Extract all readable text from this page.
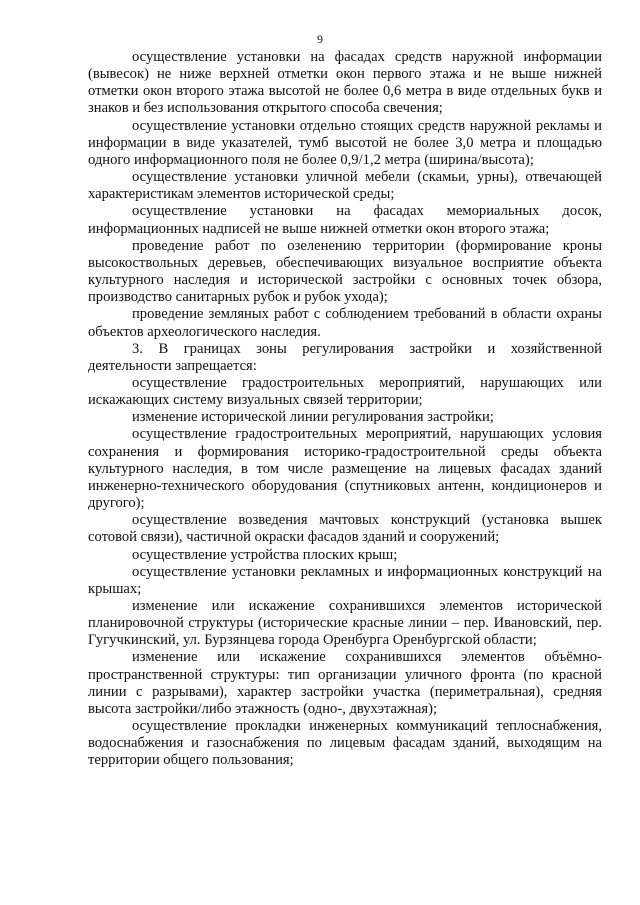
9

осуществление установки на фасадах средств наружной информации (вывесок) не ниже верхней отметки окон первого этажа и не выше нижней отметки окон второго этажа высотой не более 0,6 метра в виде отдельных букв и знаков и без использования открытого способа свечения;

осуществление установки отдельно стоящих средств наружной рекламы и информации в виде указателей, тумб высотой не более 3,0 метра и площадью одного информационного поля не более 0,9/1,2 метра (ширина/высота);

осуществление установки уличной мебели (скамьи, урны), отвечающей характеристикам элементов исторической среды;

осуществление установки на фасадах мемориальных досок, информационных надписей не выше нижней отметки окон второго этажа;

проведение работ по озеленению территории (формирование кроны высокоствольных деревьев, обеспечивающих визуальное восприятие объекта культурного наследия и исторической застройки с основных точек обзора, производство санитарных рубок и рубок ухода);

проведение земляных работ с соблюдением требований в области охраны объектов археологического наследия.

3. В границах зоны регулирования застройки и хозяйственной деятельности запрещается:

осуществление градостроительных мероприятий, нарушающих или искажающих систему визуальных связей территории;

изменение исторической линии регулирования застройки;

осуществление градостроительных мероприятий, нарушающих условия сохранения и формирования историко-градостроительной среды объекта культурного наследия, в том числе размещение на лицевых фасадах зданий инженерно-технического оборудования (спутниковых антенн, кондиционеров и другого);

осуществление возведения мачтовых конструкций (установка вышек сотовой связи), частичной окраски фасадов зданий и сооружений;

осуществление устройства плоских крыш;

осуществление установки рекламных и информационных конструкций на крышах;

изменение или искажение сохранившихся элементов исторической планировочной структуры (исторические красные линии – пер. Ивановский, пер. Гугучкинский, ул. Бурзянцева города Оренбурга Оренбургской области;

изменение или искажение сохранившихся элементов объёмно-пространственной структуры: тип организации уличного фронта (по красной линии с разрывами), характер застройки участка (периметральная), средняя высота застройки/либо этажность (одно-, двухэтажная);

осуществление прокладки инженерных коммуникаций теплоснабжения, водоснабжения и газоснабжения по лицевым фасадам зданий, выходящим на территории общего пользования;
